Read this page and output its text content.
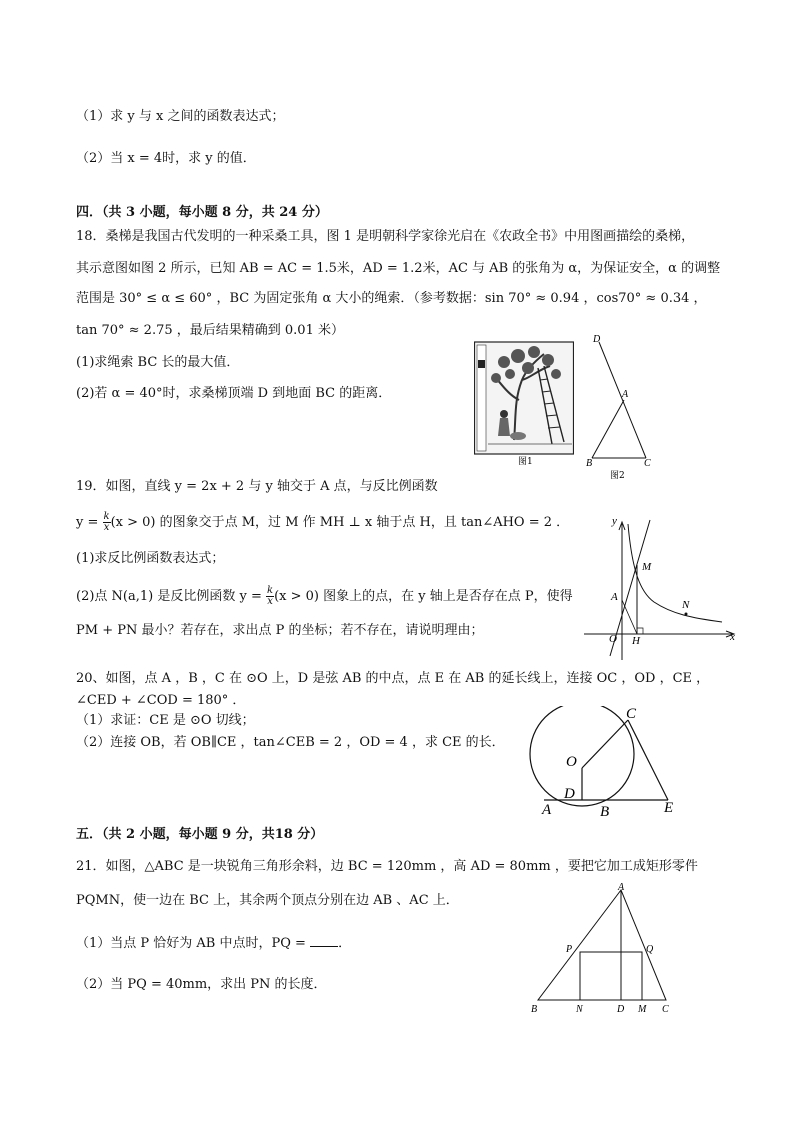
（1）求 y 与 x 之间的函数表达式；
（2）当 x = 4时，求 y 的值．
四．（共 3 小题，每小题 8 分，共 24 分）
18．桑梯是我国古代发明的一种采桑工具，图 1 是明朝科学家徐光启在《农政全书》中用图画描绘的桑梯，
其示意图如图 2 所示，已知 AB = AC = 1.5米，AD = 1.2米，AC 与 AB 的张角为 α，为保证安全，α 的调整
范围是 30° ≤ α ≤ 60° ，BC 为固定张角 α 大小的绳索．（参考数据：sin 70° ≈ 0.94 ，cos70° ≈ 0.34 ，
tan 70° ≈ 2.75 ，最后结果精确到 0.01 米）
(1)求绳索 BC 长的最大值．
(2)若 α = 40°时，求桑梯顶端 D 到地面 BC 的距离．
图1
D
A
B	C
图2
19．如图，直线 y = 2x + 2 与 y 轴交于 A 点，与反比例函数
$y = \frac{k}{x} (x > 0)$ 的图象交于点 M，过 M 作 MH ⊥ x 轴于点 H，且 tan∠AHO = 2 ．
(1)求反比例函数表达式；
(2)点 N(a,1) 是反比例函数 $y = \frac{k}{x} (x > 0)$ 图象上的点，在 y 轴上是否存在点 P，使得
PM + PN 最小？若存在，求出点 P 的坐标；若不存在，请说明理由；
y
x
O H
A
M
N
20、如图，点 A ，B ，C 在 ⊙O 上，D 是弦 AB 的中点，点 E 在 AB 的延长线上，连接 OC ，OD ，CE ，
∠CED + ∠COD = 180° ．
（1）求证：CE 是 ⊙O 切线；
（2）连接 OB，若 OB∥CE ，tan∠CEB = 2 ，OD = 4 ，求 CE 的长．
C
O
D
A	B	E
五．（共 2 小题，每小题 9 分，共18 分）
21．如图，△ABC 是一块锐角三角形余料，边 BC = 120mm ，高 AD = 80mm ，要把它加工成矩形零件
PQMN，使一边在 BC 上，其余两个顶点分别在边 AB 、AC 上．
（1）当点 P 恰好为 AB 中点时，PQ = ．
（2）当 PQ = 40mm，求出 PN 的长度．
A
P	Q
B	N	D M C
